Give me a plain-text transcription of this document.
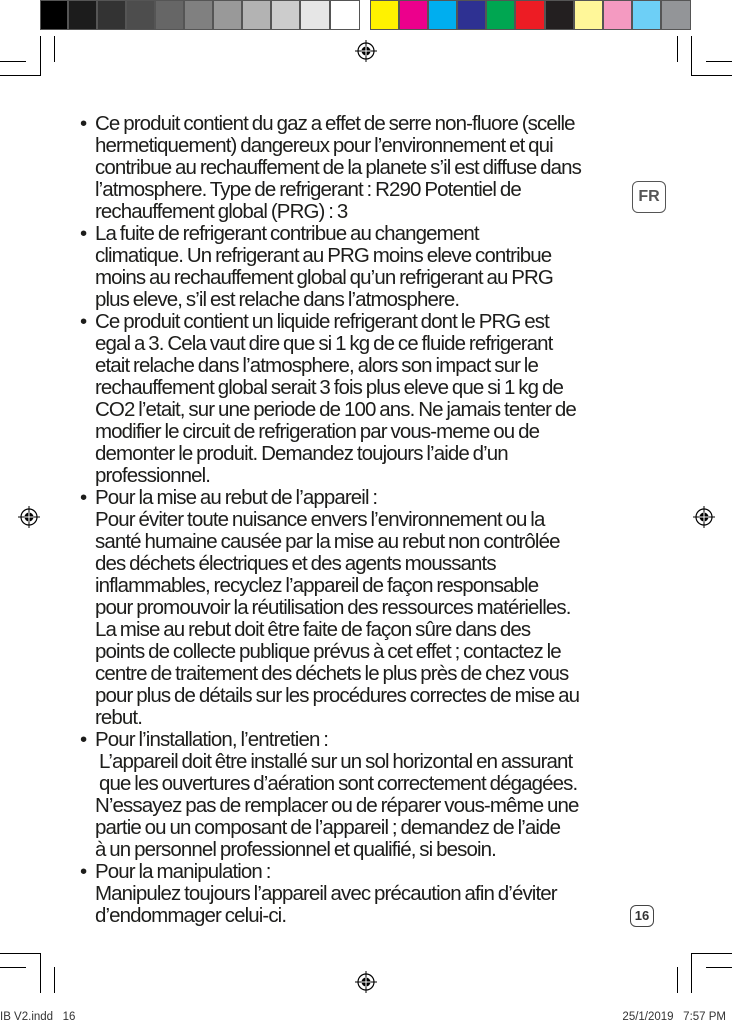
FR
• Ce produit contient du gaz a effet de serre non-fluore (scelle
hermetiquement) dangereux pour l’environnement et qui
contribue au rechauffement de la planete s’il est diffuse dans
l’atmosphere. Type de refrigerant : R290 Potentiel de
rechauffement global (PRG) : 3
• La fuite de refrigerant contribue au changement
climatique. Un refrigerant au PRG moins eleve contribue
moins au rechauffement global qu’un refrigerant au PRG
plus eleve, s’il est relache dans l’atmosphere.
• Ce produit contient un liquide refrigerant dont le PRG est
egal a 3. Cela vaut dire que si 1 kg de ce fluide refrigerant
etait relache dans l’atmosphere, alors son impact sur le
rechauffement global serait 3 fois plus eleve que si 1 kg de
CO2 l’etait, sur une periode de 100 ans. Ne jamais tenter de
modifier le circuit de refrigeration par vous-meme ou de
demonter le produit. Demandez toujours l’aide d’un
professionnel.
• Pour la mise au rebut de l’appareil :
Pour éviter toute nuisance envers l’environnement ou la
santé humaine causée par la mise au rebut non contrôlée
des déchets électriques et des agents moussants
inflammables, recyclez l’appareil de façon responsable
pour promouvoir la réutilisation des ressources matérielles.
La mise au rebut doit être faite de façon sûre dans des
points de collecte publique prévus à cet effet ; contactez le
centre de traitement des déchets le plus près de chez vous
pour plus de détails sur les procédures correctes de mise au
rebut.
• Pour l’installation, l’entretien :
L’appareil doit être installé sur un sol horizontal en assurant
que les ouvertures d’aération sont correctement dégagées.
N’essayez pas de remplacer ou de réparer vous-même une
partie ou un composant de l’appareil ; demandez de l’aide
à un personnel professionnel et qualifié, si besoin.
• Pour la manipulation :
Manipulez toujours l’appareil avec précaution afin d’éviter
d’endommager celui-ci.	16
IB V2.indd   16	25/1/2019   7:57 PM
